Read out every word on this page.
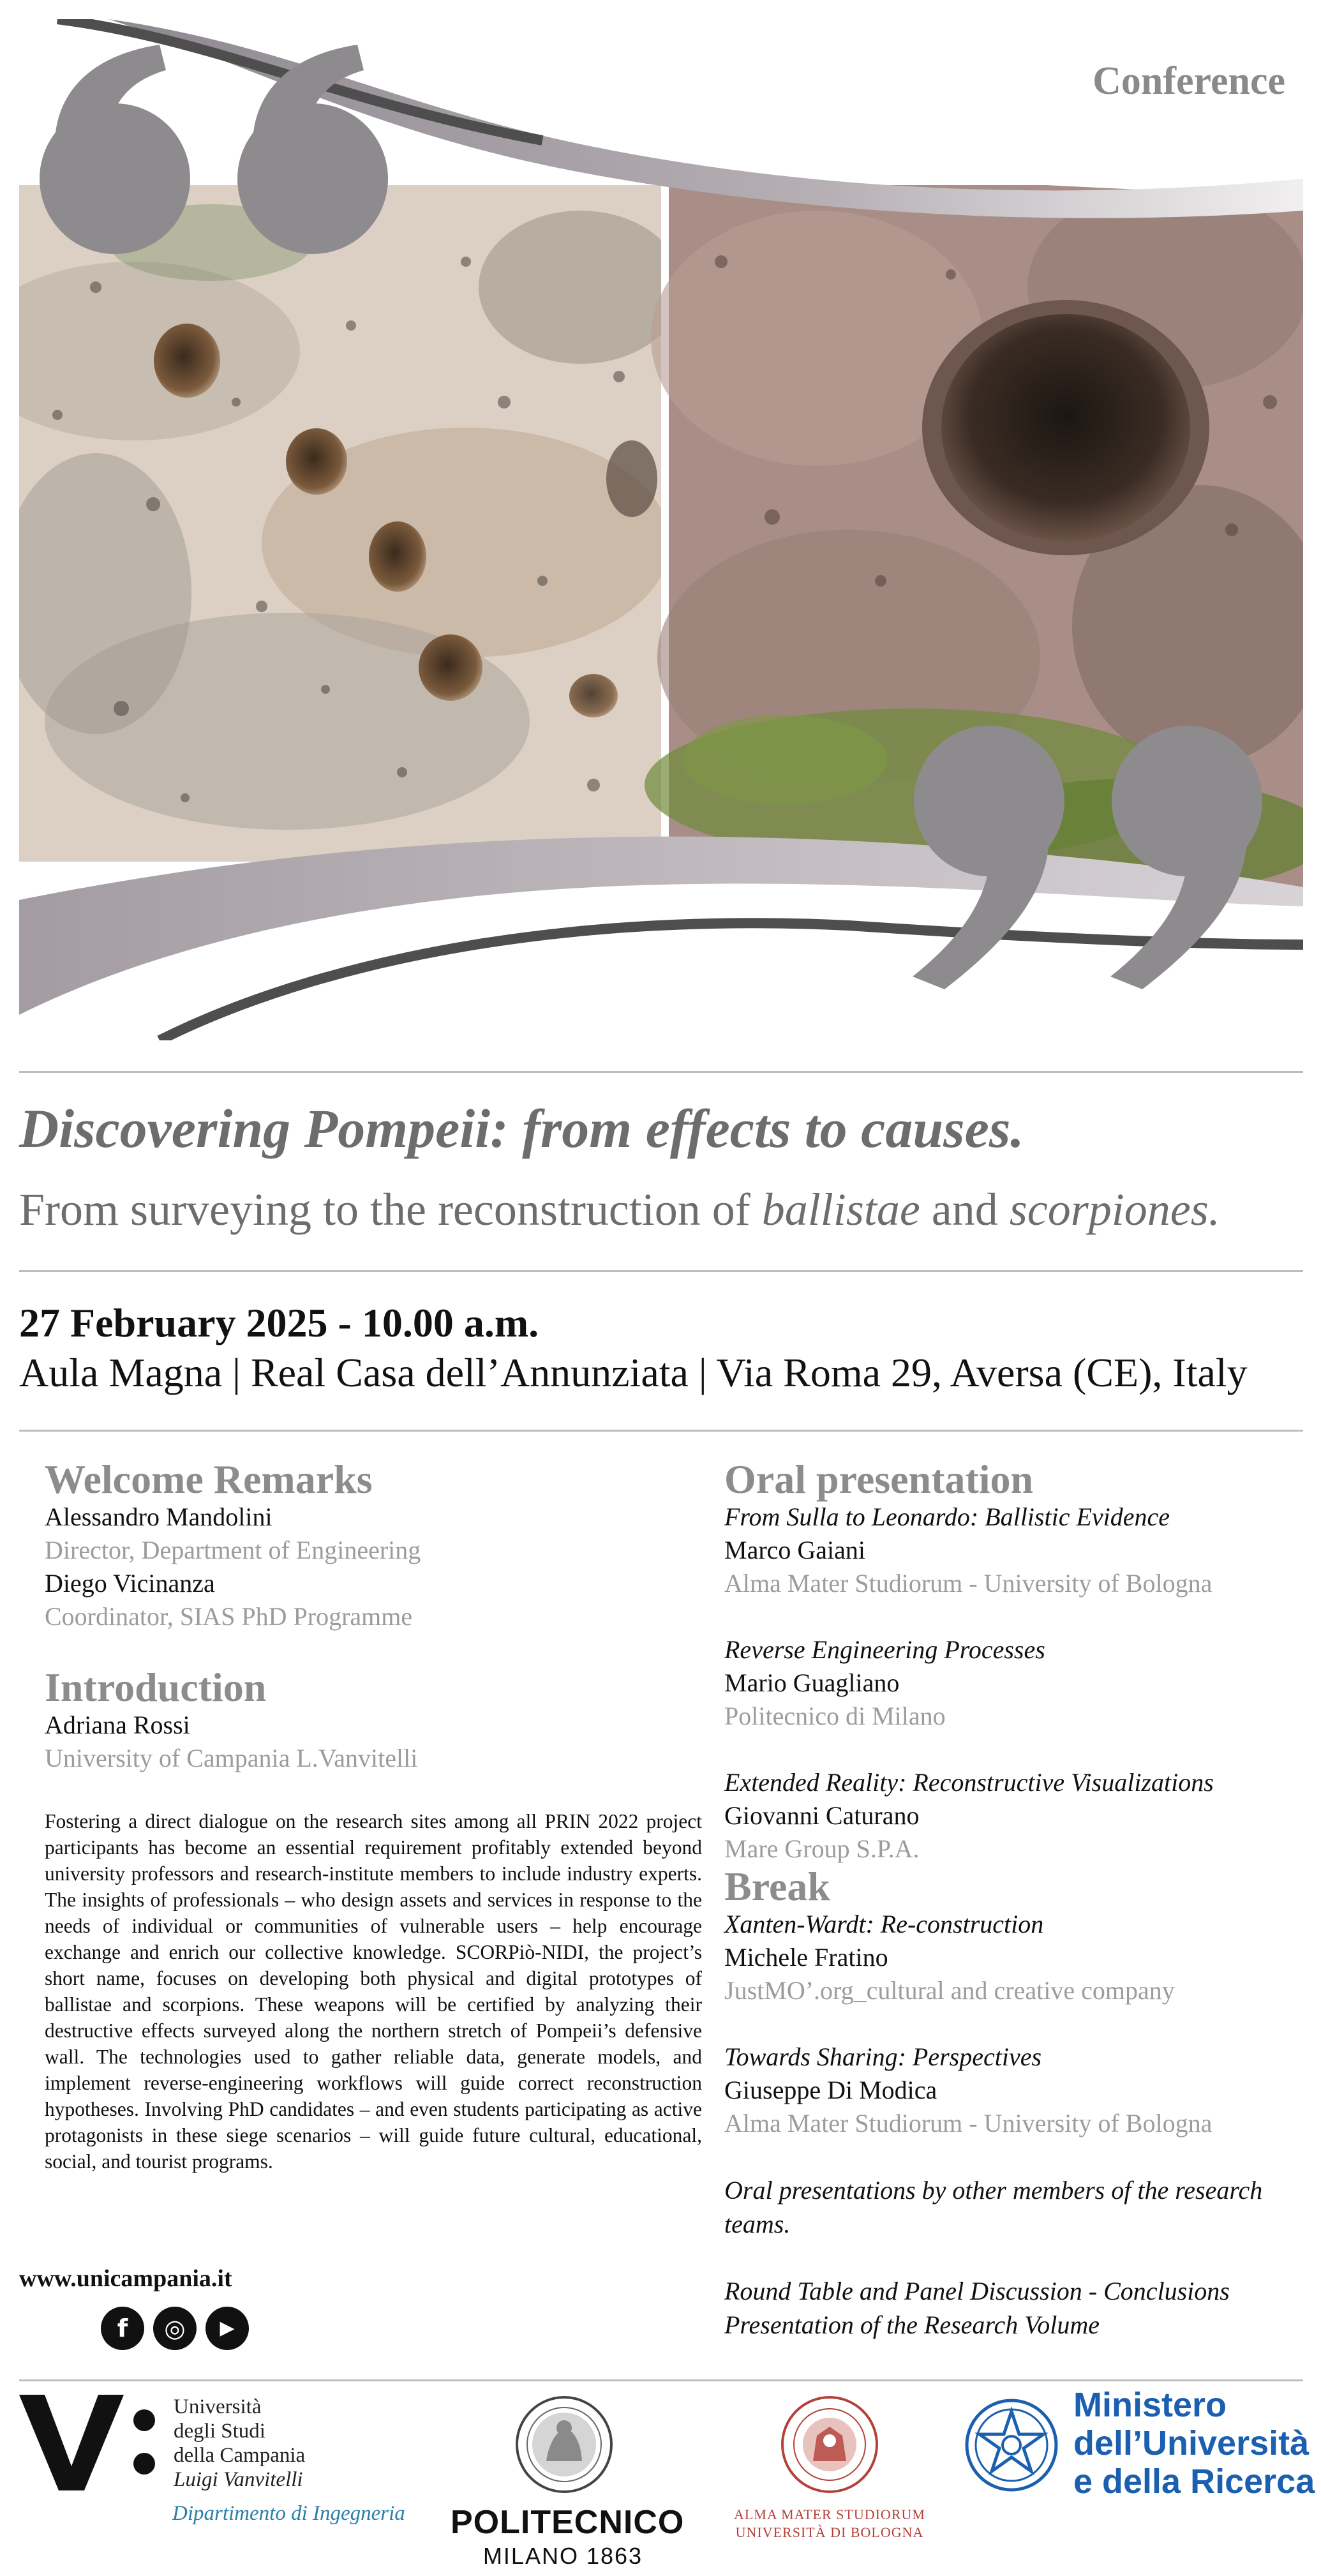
Conference
Discovering Pompeii: from effects to causes.
From surveying to the reconstruction of ballistae and scorpiones.
27 February 2025 - 10.00 a.m.
Aula Magna | Real Casa dell’Annunziata | Via Roma 29, Aversa (CE), Italy
Welcome Remarks
Alessandro Mandolini
Director, Department of Engineering
Diego Vicinanza
Coordinator, SIAS PhD Programme
Introduction
Adriana Rossi
University of Campania L.Vanvitelli
Fostering a direct dialogue on the research sites among all PRIN 2022 project participants has become an essential requirement profitably extended beyond university professors and research-institute members to include industry experts. The insights of professionals – who design assets and services in response to the needs of individual or communities of vulnerable users – help encourage exchange and enrich our collective knowledge. SCORPiò-NIDI, the project’s short name, focuses on developing both physical and digital prototypes of ballistae and scorpions. These weapons will be certified by analyzing their destructive effects surveyed along the northern stretch of Pompeii’s defensive wall. The technologies used to gather reliable data, generate models, and implement reverse-engineering workflows will guide correct reconstruction hypotheses. Involving PhD candidates – and even students participating as active protagonists in these siege scenarios – will guide future cultural, educational, social, and tourist programs.
Oral presentation
From Sulla to Leonardo: Ballistic Evidence
Marco Gaiani
Alma Mater Studiorum - University of Bologna
Reverse Engineering Processes
Mario Guagliano
Politecnico di Milano
Extended Reality: Reconstructive Visualizations
Giovanni Caturano
Mare Group S.P.A.
Break
Xanten-Wardt: Re-construction
Michele Fratino
JustMO’.org_cultural and creative company
Towards Sharing: Perspectives
Giuseppe Di Modica
Alma Mater Studiorum - University of Bologna
Oral presentations by other members of the research teams.
Round Table and Panel Discussion - Conclusions
Presentation of the Research Volume
www.unicampania.it
f	◎	▶
Università
degli Studi
della Campania
Luigi Vanvitelli
Dipartimento di Ingegneria POLITECNICO
MILANO 1863
ALMA MATER STUDIORUM
UNIVERSITÀ DI BOLOGNA
Ministero
dell’Università
e della Ricerca
